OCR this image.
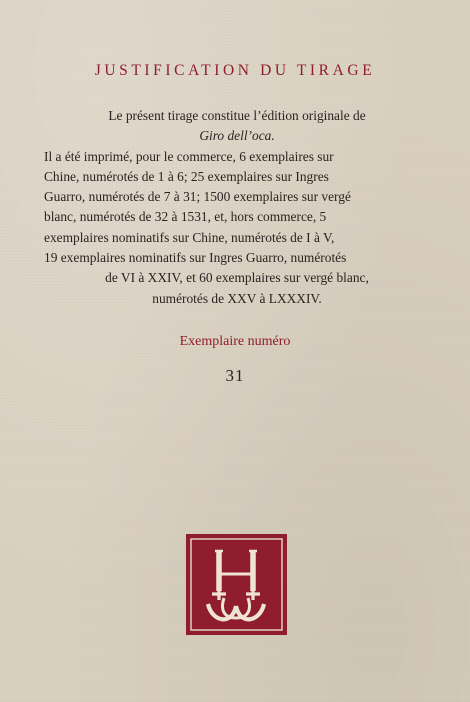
JUSTIFICATION DU TIRAGE

Le présent tirage constitue l’édition originale de

Giro dell’oca.

Il a été imprimé, pour le commerce, 6 exemplaires sur

Chine, numérotés de 1 à 6; 25 exemplaires sur Ingres

Guarro, numérotés de 7 à 31; 1500 exemplaires sur vergé

blanc, numérotés de 32 à 1531, et, hors commerce, 5

exemplaires nominatifs sur Chine, numérotés de I à V,

19 exemplaires nominatifs sur Ingres Guarro, numérotés

de VI à XXIV, et 60 exemplaires sur vergé blanc,

numérotés de XXV à LXXXIV.

Exemplaire numéro
31
